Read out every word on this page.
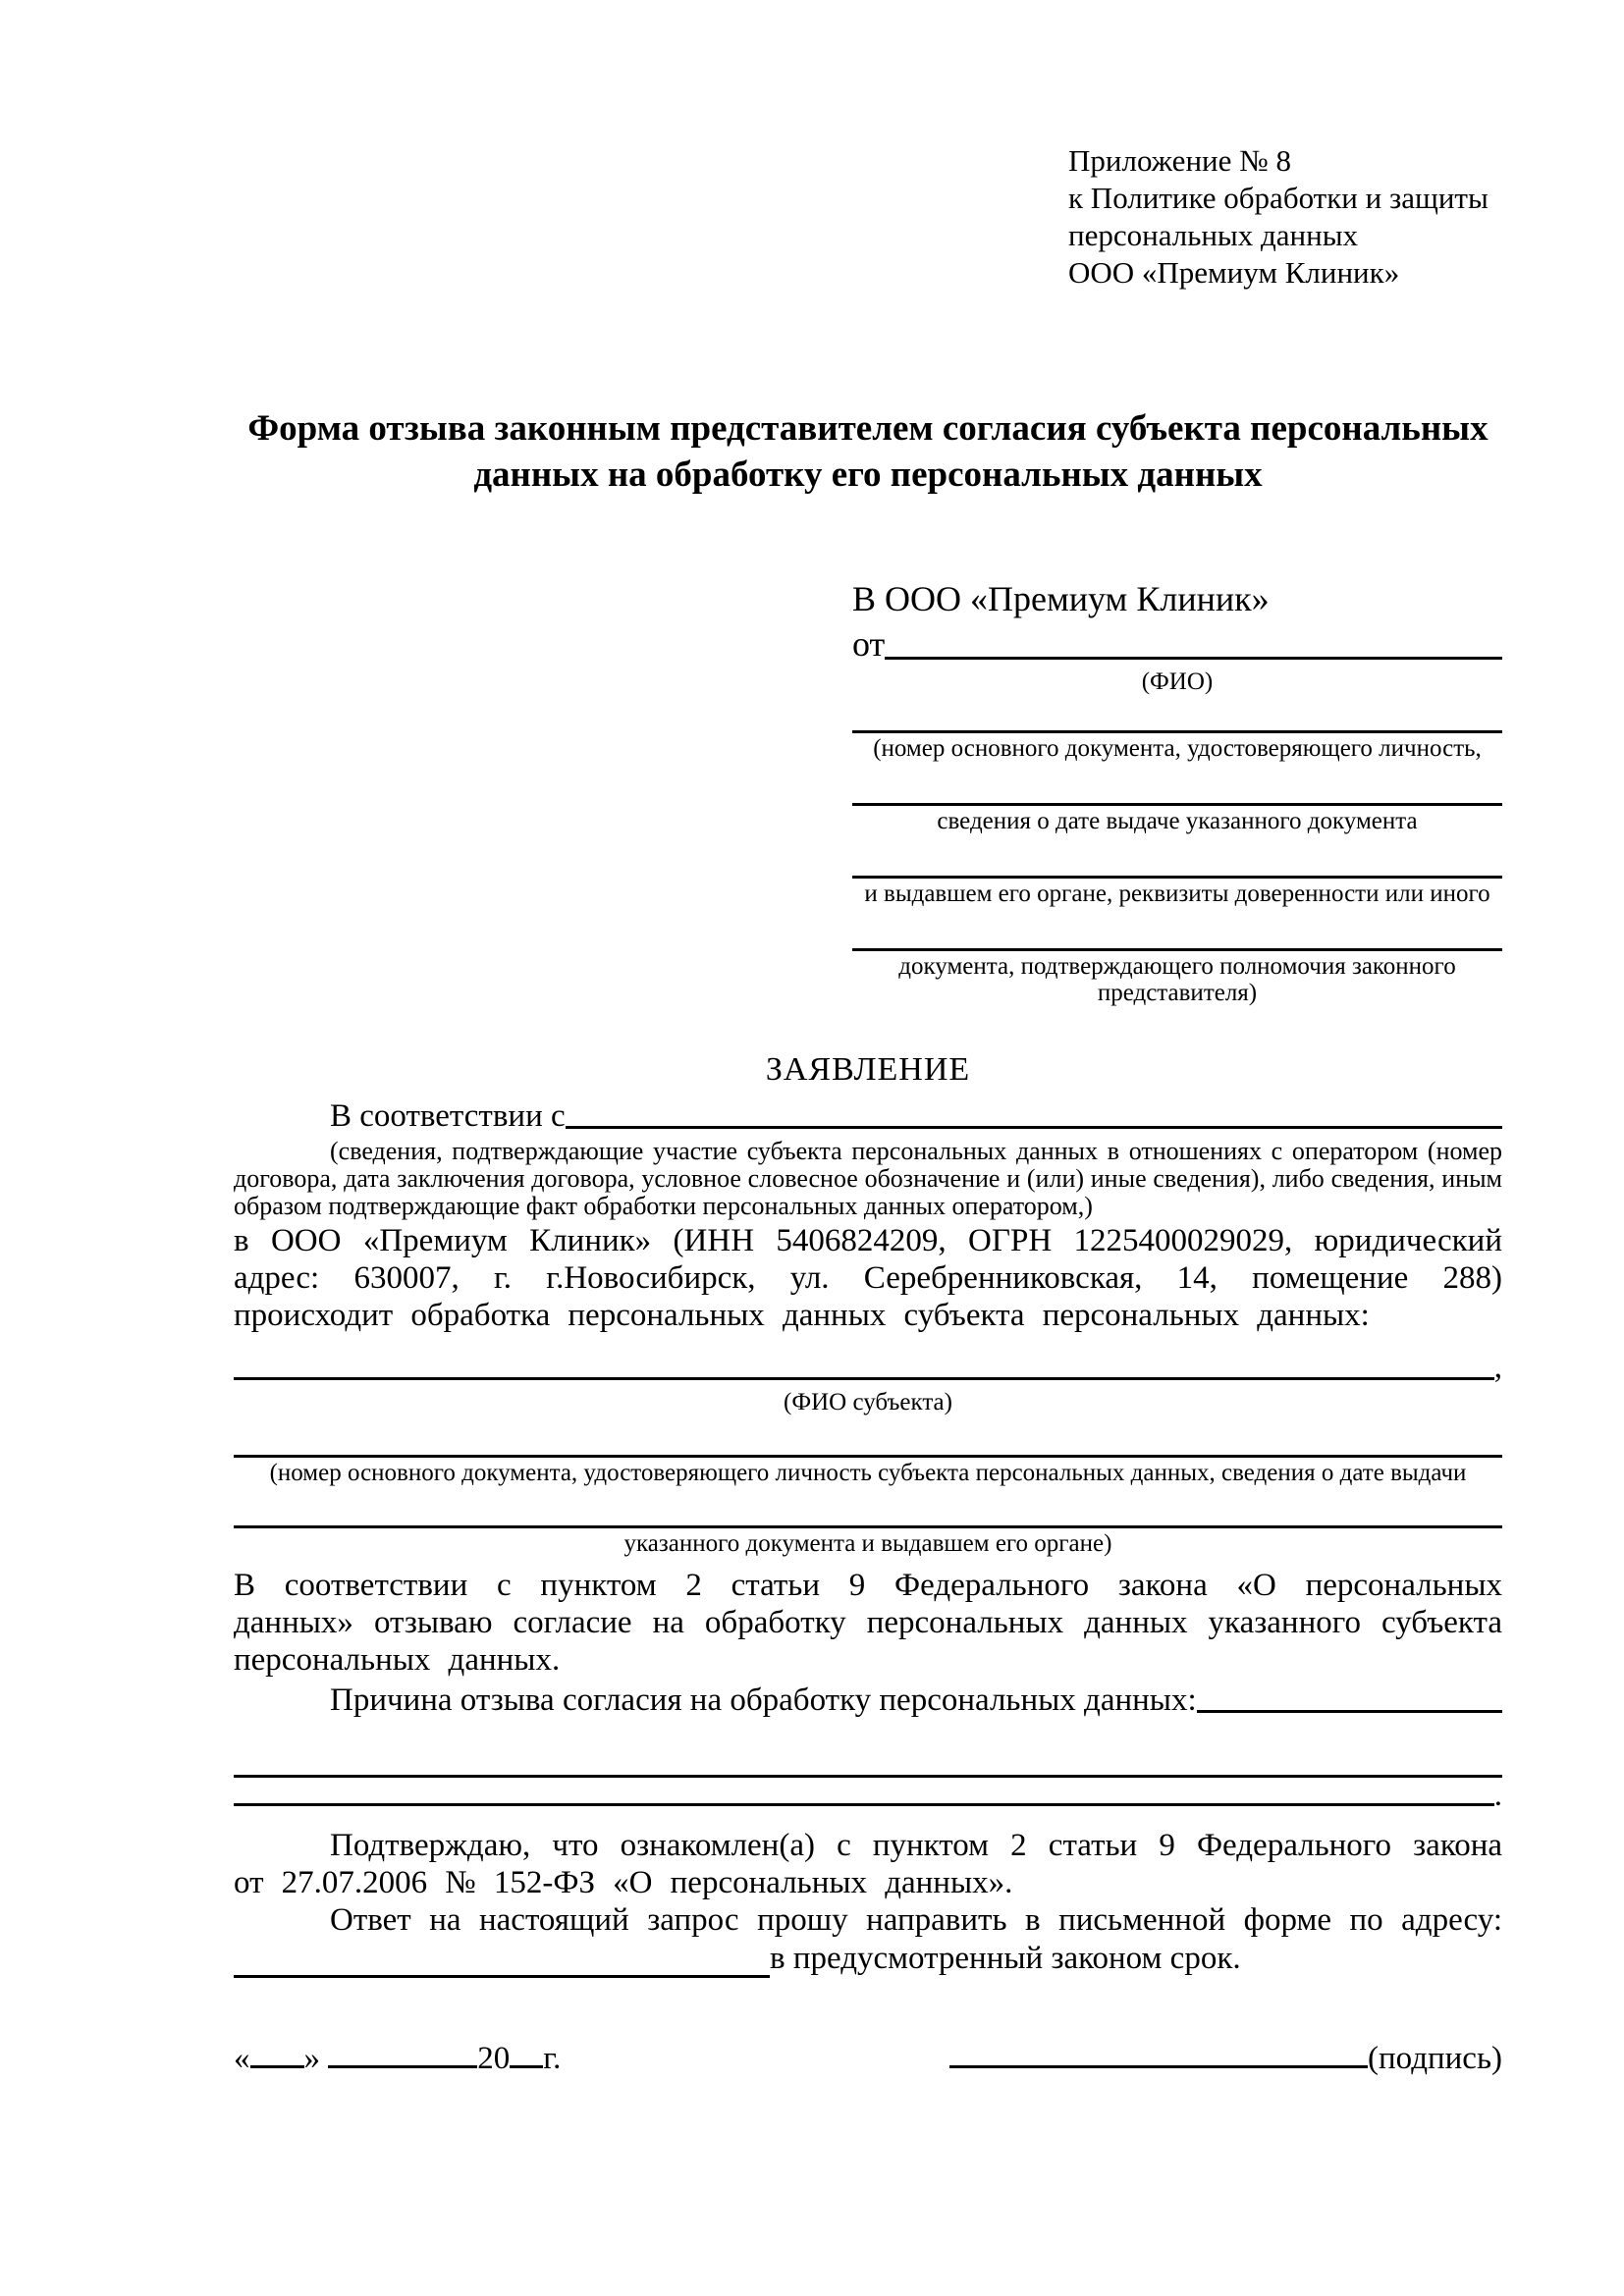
Приложение № 8
к Политике обработки и защиты
персональных данных
ООО «Премиум Клиник»
Форма отзыва законным представителем согласия субъекта персональных данных на обработку его персональных данных
В ООО «Премиум Клиник»
от
(ФИО)
(номер основного документа, удостоверяющего личность,
сведения о дате выдаче указанного документа
и выдавшем его органе, реквизиты доверенности или иного
документа, подтверждающего полномочия законного представителя)
ЗАЯВЛЕНИЕ
В соответствии с
(сведения, подтверждающие участие субъекта персональных данных в отношениях с оператором (номер договора, дата заключения договора, условное словесное обозначение и (или) иные сведения), либо сведения, иным образом подтверждающие факт обработки персональных данных оператором,)
в ООО «Премиум Клиник» (ИНН 5406824209, ОГРН 1225400029029, юридический адрес: 630007, г. г.Новосибирск, ул. Серебренниковская, 14, помещение 288) происходит обработка персональных данных субъекта персональных данных:
,
(ФИО субъекта)
(номер основного документа, удостоверяющего личность субъекта персональных данных, сведения о дате выдачи
указанного документа и выдавшем его органе)
В соответствии с пунктом 2 статьи 9 Федерального закона «О персональных данных» отзываю согласие на обработку персональных данных указанного субъекта персональных данных.
Причина отзыва согласия на обработку персональных данных:
.
Подтверждаю, что ознакомлен(а) с пунктом 2 статьи 9 Федерального закона от 27.07.2006 № 152-ФЗ «О персональных данных».
Ответ на настоящий запрос прошу направить в письменной форме по адресу:
в предусмотренный законом срок.
« »	20 г.	(подпись)
